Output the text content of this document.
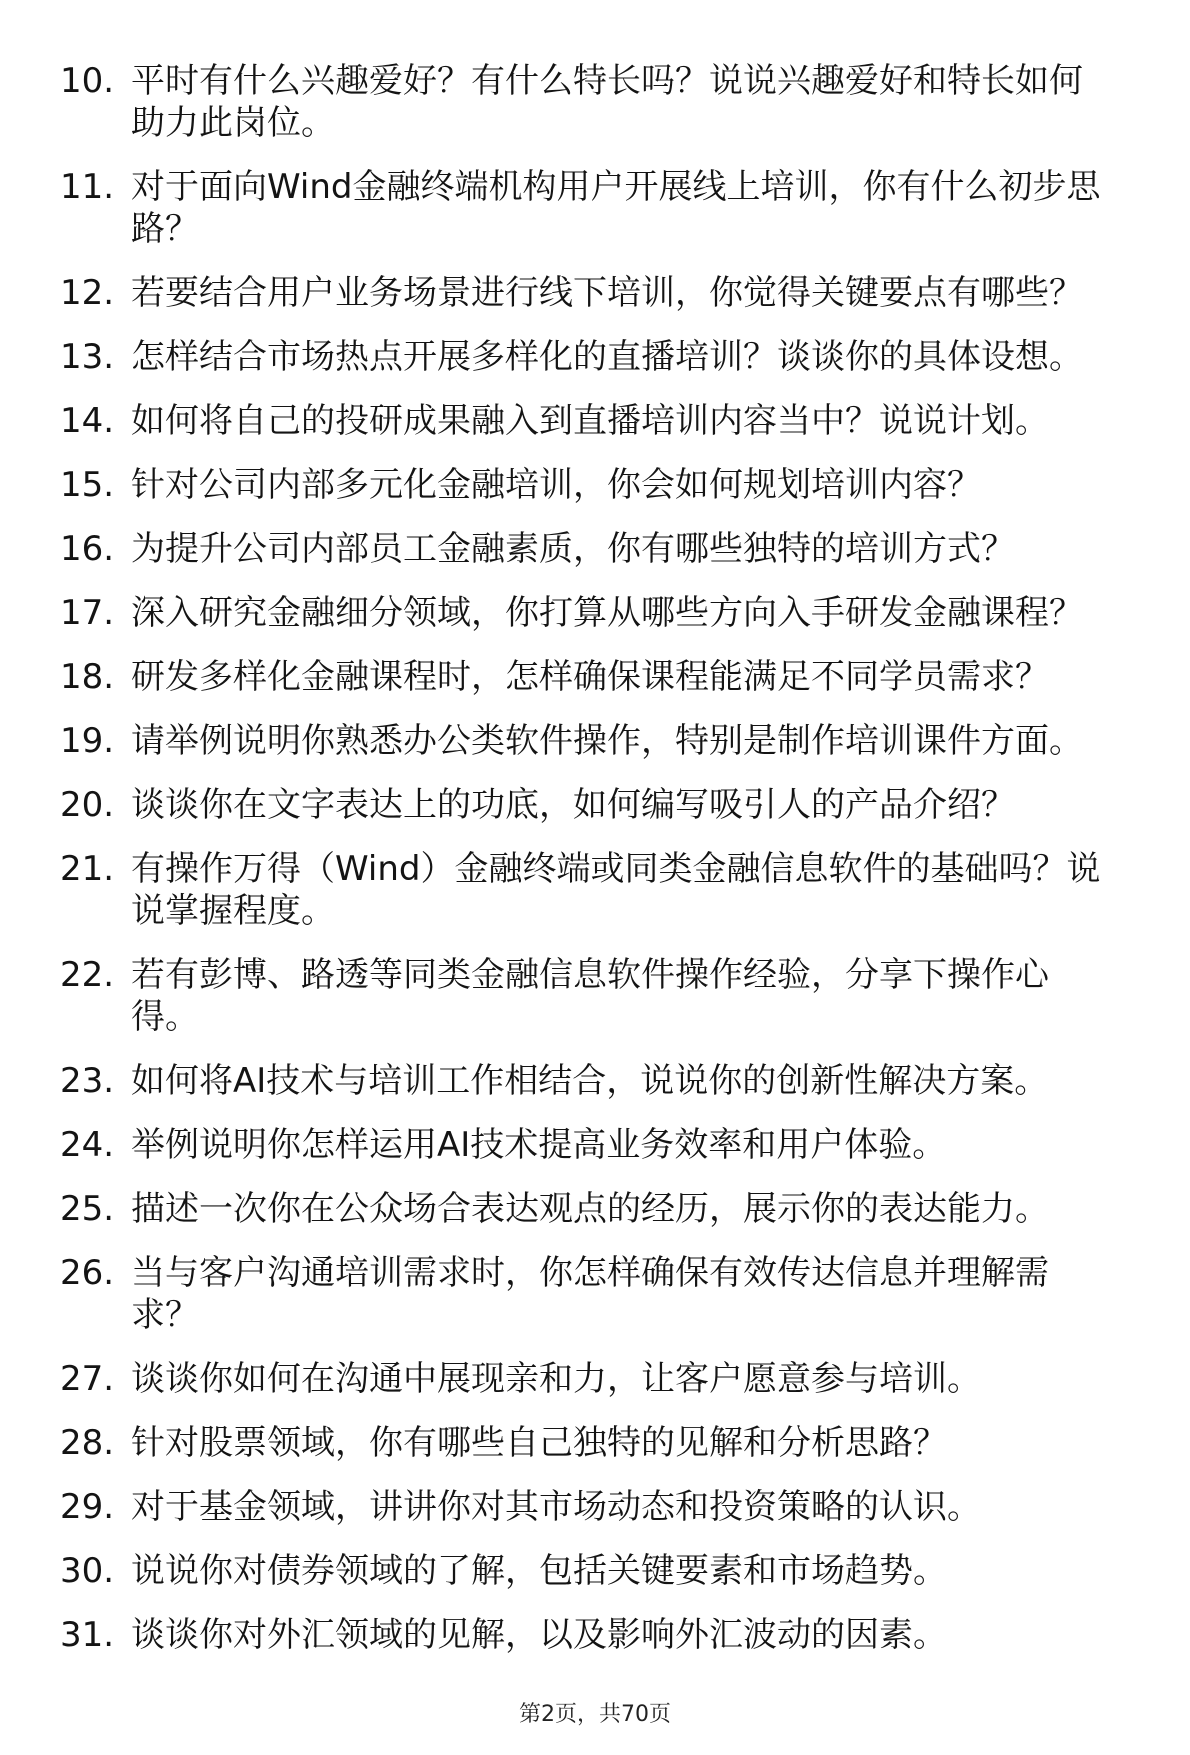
10. 平时有什么兴趣爱好？有什么特长吗？说说兴趣爱好和特长如何
助力此岗位。
11. 对于面向Wind金融终端机构用户开展线上培训，你有什么初步思
路？
12. 若要结合用户业务场景进行线下培训，你觉得关键要点有哪些？
13. 怎样结合市场热点开展多样化的直播培训？谈谈你的具体设想。
14. 如何将自己的投研成果融入到直播培训内容当中？说说计划。
15. 针对公司内部多元化金融培训，你会如何规划培训内容？
16. 为提升公司内部员工金融素质，你有哪些独特的培训方式？
17. 深入研究金融细分领域，你打算从哪些方向入手研发金融课程？
18. 研发多样化金融课程时，怎样确保课程能满足不同学员需求？
19. 请举例说明你熟悉办公类软件操作，特别是制作培训课件方面。
20. 谈谈你在文字表达上的功底，如何编写吸引人的产品介绍？
21. 有操作万得（Wind）金融终端或同类金融信息软件的基础吗？说
说掌握程度。
22. 若有彭博、路透等同类金融信息软件操作经验，分享下操作心
得。
23. 如何将AI技术与培训工作相结合，说说你的创新性解决方案。
24. 举例说明你怎样运用AI技术提高业务效率和用户体验。
25. 描述一次你在公众场合表达观点的经历，展示你的表达能力。
26. 当与客户沟通培训需求时，你怎样确保有效传达信息并理解需
求？
27. 谈谈你如何在沟通中展现亲和力，让客户愿意参与培训。
28. 针对股票领域，你有哪些自己独特的见解和分析思路？
29. 对于基金领域，讲讲你对其市场动态和投资策略的认识。
30. 说说你对债券领域的了解，包括关键要素和市场趋势。
31. 谈谈你对外汇领域的见解，以及影响外汇波动的因素。
第2页，共70页
